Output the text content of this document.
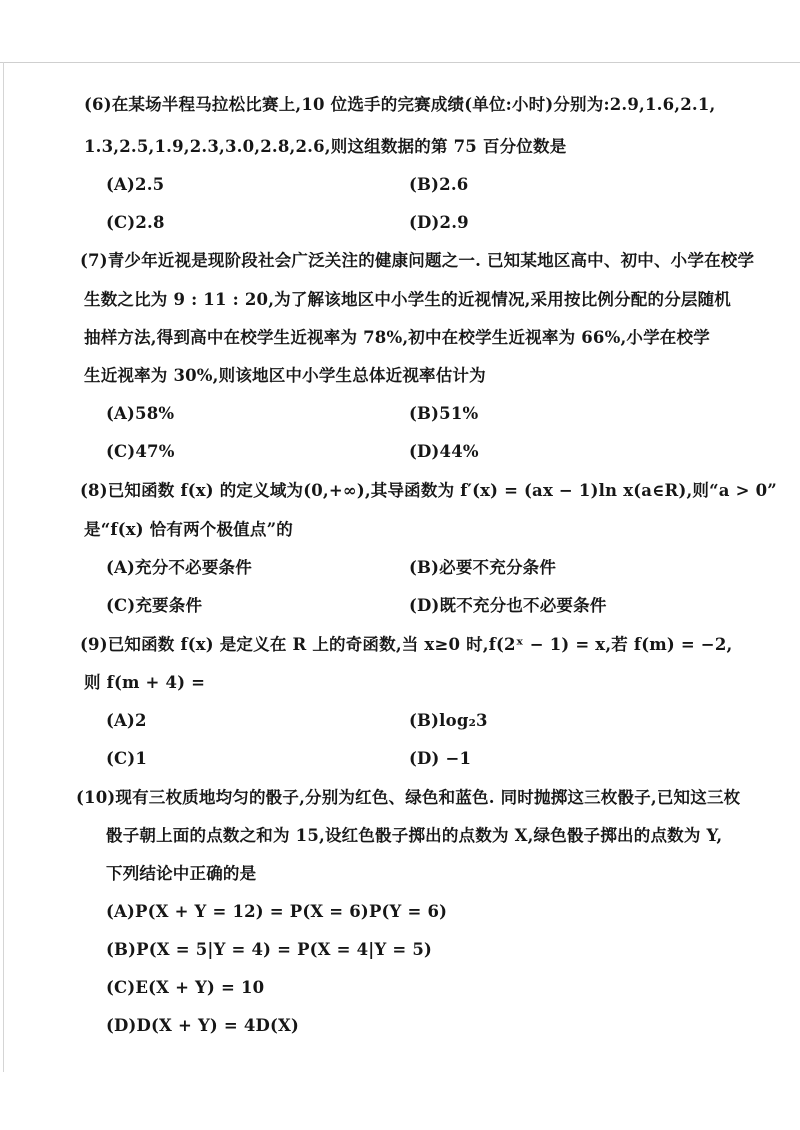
(6)在某场半程马拉松比赛上,10 位选手的完赛成绩(单位:小时)分别为:2.9,1.6,2.1,
1.3,2.5,1.9,2.3,3.0,2.8,2.6,则这组数据的第 75 百分位数是
(A)2.5	(B)2.6
(C)2.8	(D)2.9
(7)青少年近视是现阶段社会广泛关注的健康问题之一. 已知某地区高中、初中、小学在校学
生数之比为 9 : 11 : 20,为了解该地区中小学生的近视情况,采用按比例分配的分层随机
抽样方法,得到高中在校学生近视率为 78%,初中在校学生近视率为 66%,小学在校学
生近视率为 30%,则该地区中小学生总体近视率估计为
(A)58%	(B)51%
(C)47%	(D)44%
(8)已知函数 f(x) 的定义域为(0,+∞),其导函数为 f′(x) = (ax − 1)ln x(a∈R),则“a > 0”
是“f(x) 恰有两个极值点”的
(A)充分不必要条件	(B)必要不充分条件
(C)充要条件	(D)既不充分也不必要条件
(9)已知函数 f(x) 是定义在 R 上的奇函数,当 x≥0 时,f(2ˣ − 1) = x,若 f(m) = −2,
则 f(m + 4) =
(A)2	(B)log₂3
(C)1	(D) −1
(10)现有三枚质地均匀的骰子,分别为红色、绿色和蓝色. 同时抛掷这三枚骰子,已知这三枚
骰子朝上面的点数之和为 15,设红色骰子掷出的点数为 X,绿色骰子掷出的点数为 Y,
下列结论中正确的是
(A)P(X + Y = 12) = P(X = 6)P(Y = 6)
(B)P(X = 5|Y = 4) = P(X = 4|Y = 5)
(C)E(X + Y) = 10
(D)D(X + Y) = 4D(X)
